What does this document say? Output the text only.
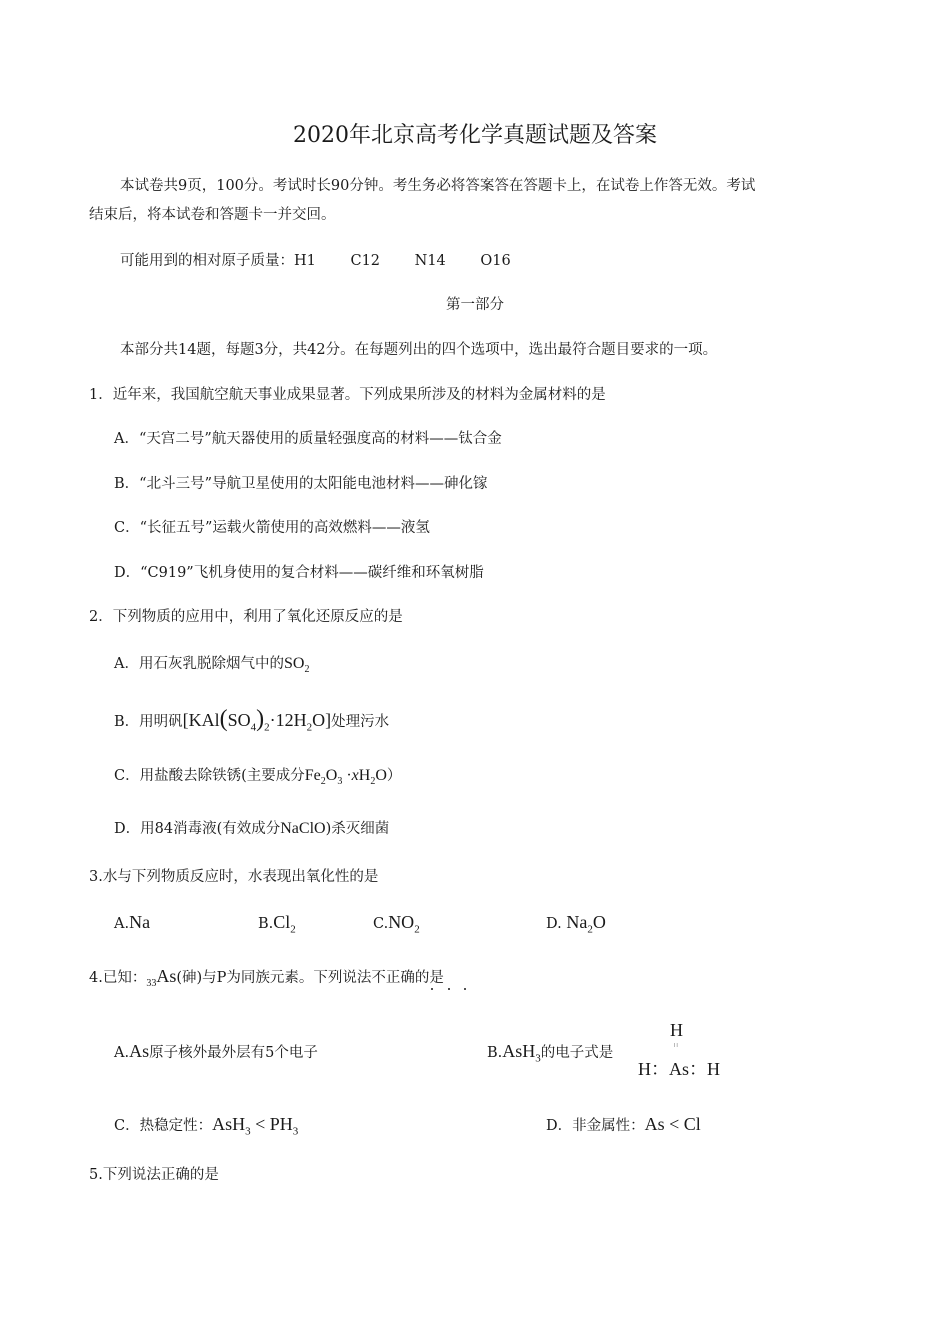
2020年北京高考化学真题试题及答案
本试卷共9页，100分。考试时长90分钟。考生务必将答案答在答题卡上，在试卷上作答无效。考试
结束后，将本试卷和答题卡一并交回。
可能用到的相对原子质量：H1 C12 N14 O16
第一部分
本部分共14题，每题3分，共42分。在每题列出的四个选项中，选出最符合题目要求的一项。
1．近年来，我国航空航天事业成果显著。下列成果所涉及的材料为金属材料的是
A．“天宫二号”航天器使用的质量轻强度高的材料——钛合金
B．“北斗三号”导航卫星使用的太阳能电池材料——砷化镓
C．“长征五号”运载火箭使用的高效燃料——液氢
D．“C919”飞机身使用的复合材料——碳纤维和环氧树脂
2．下列物质的应用中，利用了氧化还原反应的是
A．用石灰乳脱除烟气中的$SO_2$
B．用明矾$[KAl(SO_4)_2\cdot 12H_2O]$处理污水
C．用盐酸去除铁锈(主要成分$Fe_2O_3 \cdot xH_2O$）
D．用84消毒液(有效成分NaClO)杀灭细菌
3.水与下列物质反应时，水表现出氧化性的是
A.Na	$B.Cl_2$	$C.NO_2$	D. $Na_2O$
4.已知：$_{33}$As(砷)与P为同族元素。下列说法不正确的是
A.As原子核外最外层有5个电子	B.AsH$_3$的电子式是
H
∷
H：As：H
C．热稳定性：$AsH_3 < PH_3$	D．非金属性：As < Cl
5.下列说法正确的是
